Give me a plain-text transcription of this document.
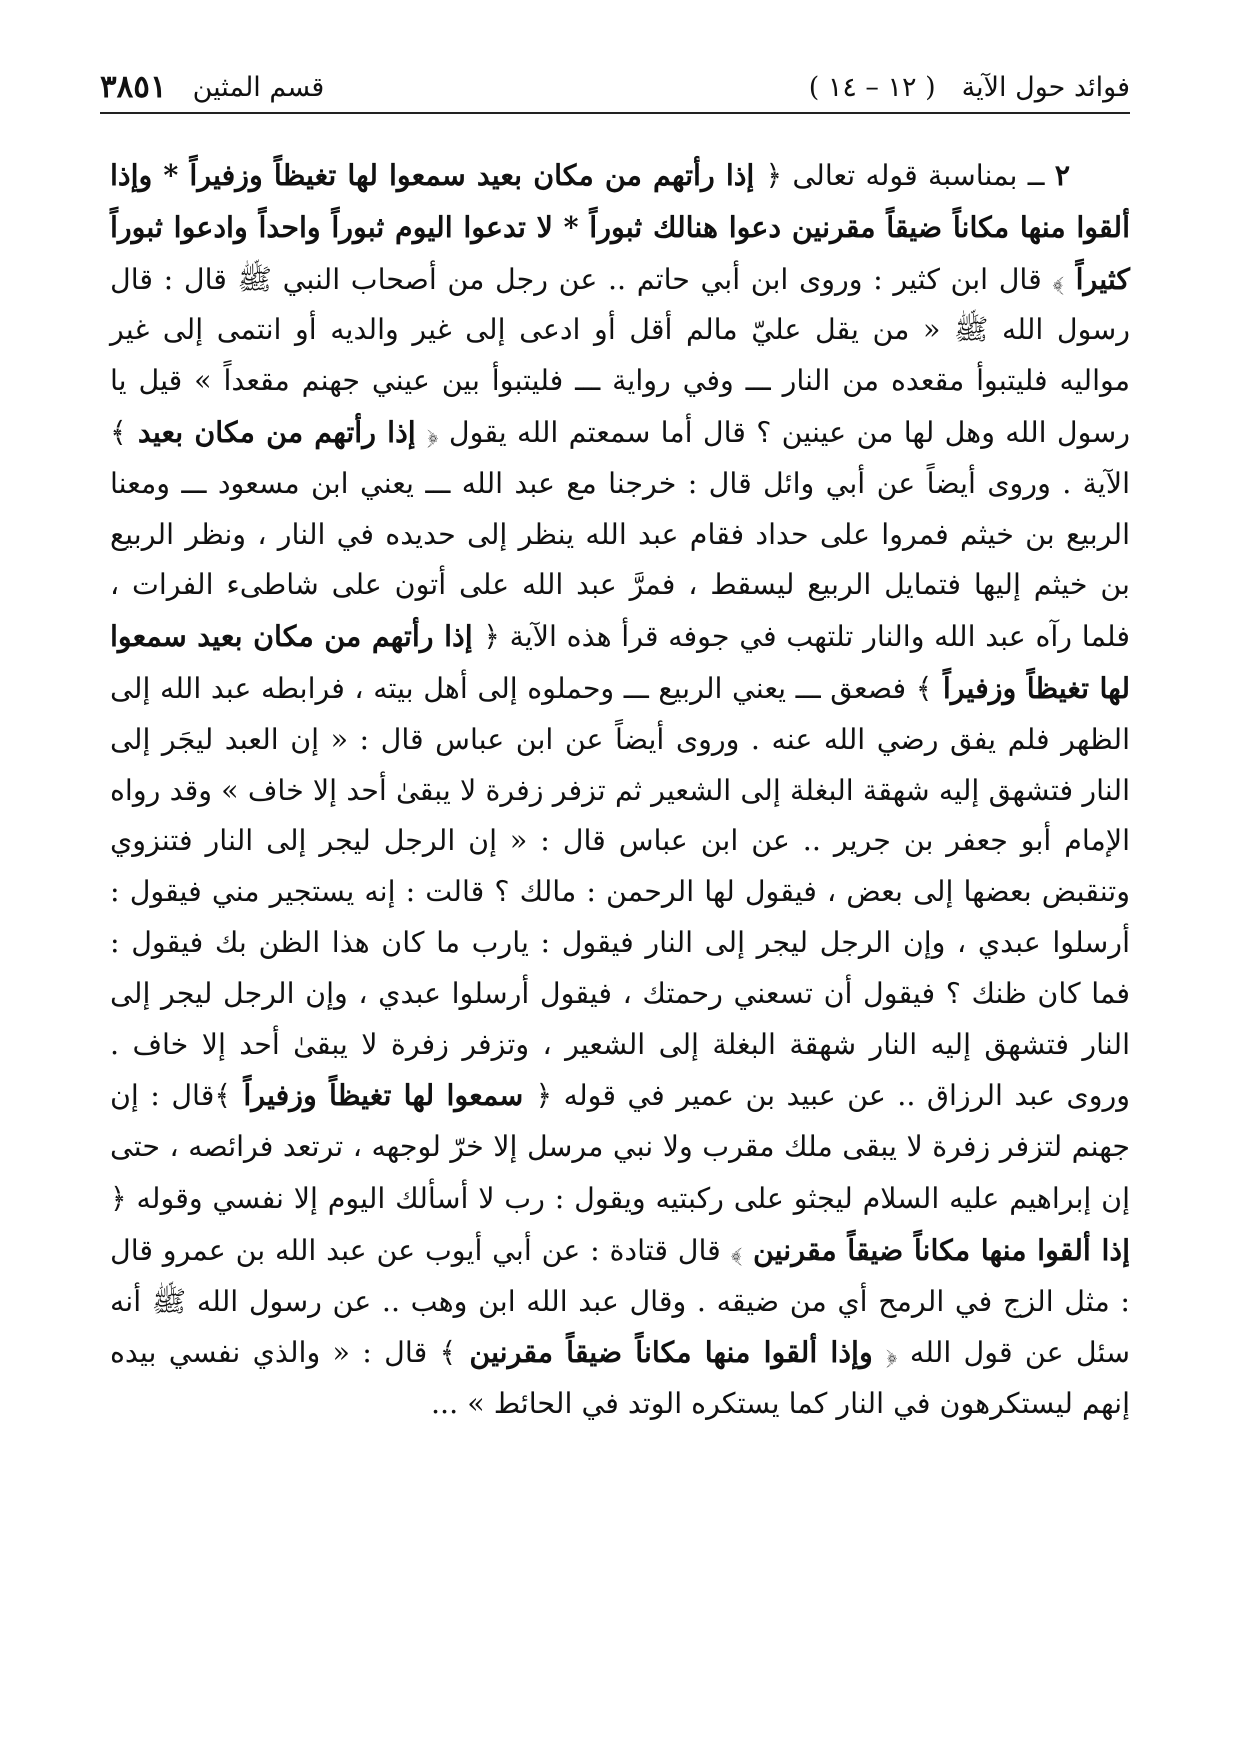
فوائد حول الآية
( ١٢ – ١٤ )
قسم المثين
٣٨٥١

٢ ــ بمناسبة قوله تعالى ﴿ إذا رأتهم من مكان بعيد سمعوا لها تغيظاً وزفيراً * وإذا ألقوا منها مكاناً ضيقاً مقرنين دعوا هنالك ثبوراً * لا تدعوا اليوم ثبوراً واحداً وادعوا ثبوراً كثيراً ﴾ قال ابن كثير : وروى ابن أبي حاتم .. عن رجل من أصحاب النبي ﷺ قال : قال رسول الله ﷺ « من يقل عليّ مالم أقل أو ادعى إلى غير والديه أو انتمى إلى غير مواليه فليتبوأ مقعده من النار ـــ وفي رواية ـــ فليتبوأ بين عيني جهنم مقعداً » قيل يا رسول الله وهل لها من عينين ؟ قال أما سمعتم الله يقول ﴿ إذا رأتهم من مكان بعيد ﴾ الآية . وروى أيضاً عن أبي وائل قال : خرجنا مع عبد الله ـــ يعني ابن مسعود ـــ ومعنا الربيع بن خيثم فمروا على حداد فقام عبد الله ينظر إلى حديده في النار ، ونظر الربيع بن خيثم إليها فتمايل الربيع ليسقط ، فمرَّ عبد الله على أتون على شاطىء الفرات ، فلما رآه عبد الله والنار تلتهب في جوفه قرأ هذه الآية ﴿ إذا رأتهم من مكان بعيد سمعوا لها تغيظاً وزفيراً ﴾ فصعق ـــ يعني الربيع ـــ وحملوه إلى أهل بيته ، فرابطه عبد الله إلى الظهر فلم يفق رضي الله عنه . وروى أيضاً عن ابن عباس قال : « إن العبد ليجَر إلى النار فتشهق إليه شهقة البغلة إلى الشعير ثم تزفر زفرة لا يبقىٰ أحد إلا خاف » وقد رواه الإمام أبو جعفر بن جرير .. عن ابن عباس قال : « إن الرجل ليجر إلى النار فتنزوي وتنقبض بعضها إلى بعض ، فيقول لها الرحمن : مالك ؟ قالت : إنه يستجير مني فيقول : أرسلوا عبدي ، وإن الرجل ليجر إلى النار فيقول : يارب ما كان هذا الظن بك فيقول : فما كان ظنك ؟ فيقول أن تسعني رحمتك ، فيقول أرسلوا عبدي ، وإن الرجل ليجر إلى النار فتشهق إليه النار شهقة البغلة إلى الشعير ، وتزفر زفرة لا يبقىٰ أحد إلا خاف . وروى عبد الرزاق .. عن عبيد بن عمير في قوله ﴿ سمعوا لها تغيظاً وزفيراً ﴾قال : إن جهنم لتزفر زفرة لا يبقى ملك مقرب ولا نبي مرسل إلا خرّ لوجهه ، ترتعد فرائصه ، حتى إن إبراهيم عليه السلام ليجثو على ركبتيه ويقول : رب لا أسألك اليوم إلا نفسي وقوله ﴿ إذا ألقوا منها مكاناً ضيقاً مقرنين ﴾ قال قتادة : عن أبي أيوب عن عبد الله بن عمرو قال : مثل الزج في الرمح أي من ضيقه . وقال عبد الله ابن وهب .. عن رسول الله ﷺ أنه سئل عن قول الله ﴿ وإذا ألقوا منها مكاناً ضيقاً مقرنين ﴾ قال : « والذي نفسي بيده إنهم ليستكرهون في النار كما يستكره الوتد في الحائط » ...
